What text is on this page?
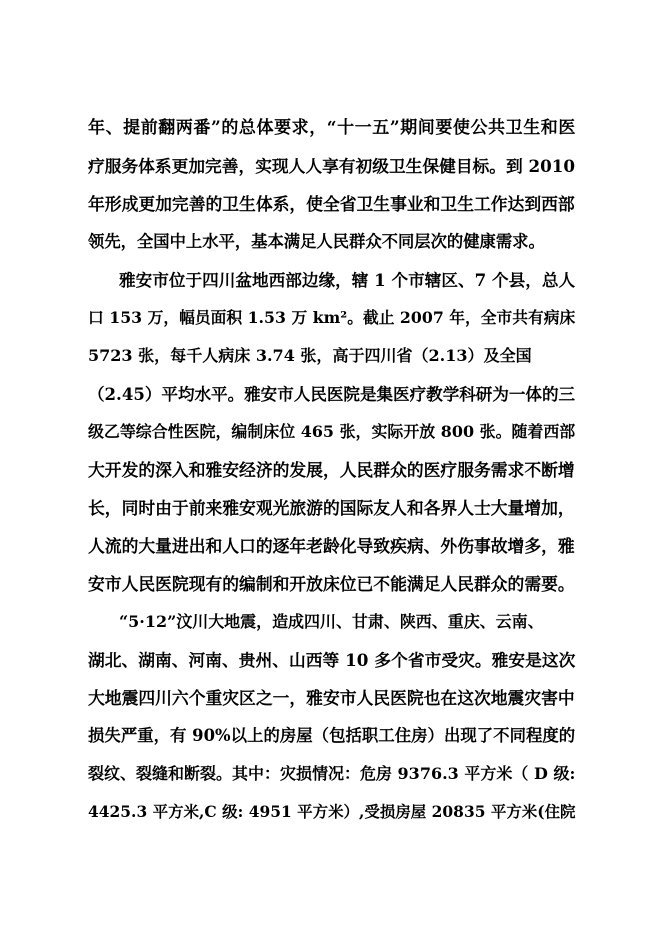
年、提前翻两番”的总体要求，“十一五”期间要使公共卫生和医
疗服务体系更加完善，实现人人享有初级卫生保健目标。到 2010
年形成更加完善的卫生体系，使全省卫生事业和卫生工作达到西部
领先，全国中上水平，基本满足人民群众不同层次的健康需求。
雅安市位于四川盆地西部边缘，辖 1 个市辖区、7 个县，总人
口 153 万，幅员面积 1.53 万 km²。截止 2007 年，全市共有病床
5723 张，每千人病床 3.74 张，高于四川省（2.13）及全国
（2.45）平均水平。雅安市人民医院是集医疗教学科研为一体的三
级乙等综合性医院，编制床位 465 张，实际开放 800 张。随着西部
大开发的深入和雅安经济的发展，人民群众的医疗服务需求不断增
长，同时由于前来雅安观光旅游的国际友人和各界人士大量增加，
人流的大量进出和人口的逐年老龄化导致疾病、外伤事故增多，雅
安市人民医院现有的编制和开放床位已不能满足人民群众的需要。
“5·12”汶川大地震，造成四川、甘肃、陕西、重庆、云南、
湖北、湖南、河南、贵州、山西等 10 多个省市受灾。雅安是这次
大地震四川六个重灾区之一，雅安市人民医院也在这次地震灾害中
损失严重，有 90%以上的房屋（包括职工住房）出现了不同程度的
裂纹、裂缝和断裂。其中：灾损情况：危房 9376.3 平方米（ D 级:
4425.3 平方米,C 级: 4951 平方米）,受损房屋 20835 平方米(住院
